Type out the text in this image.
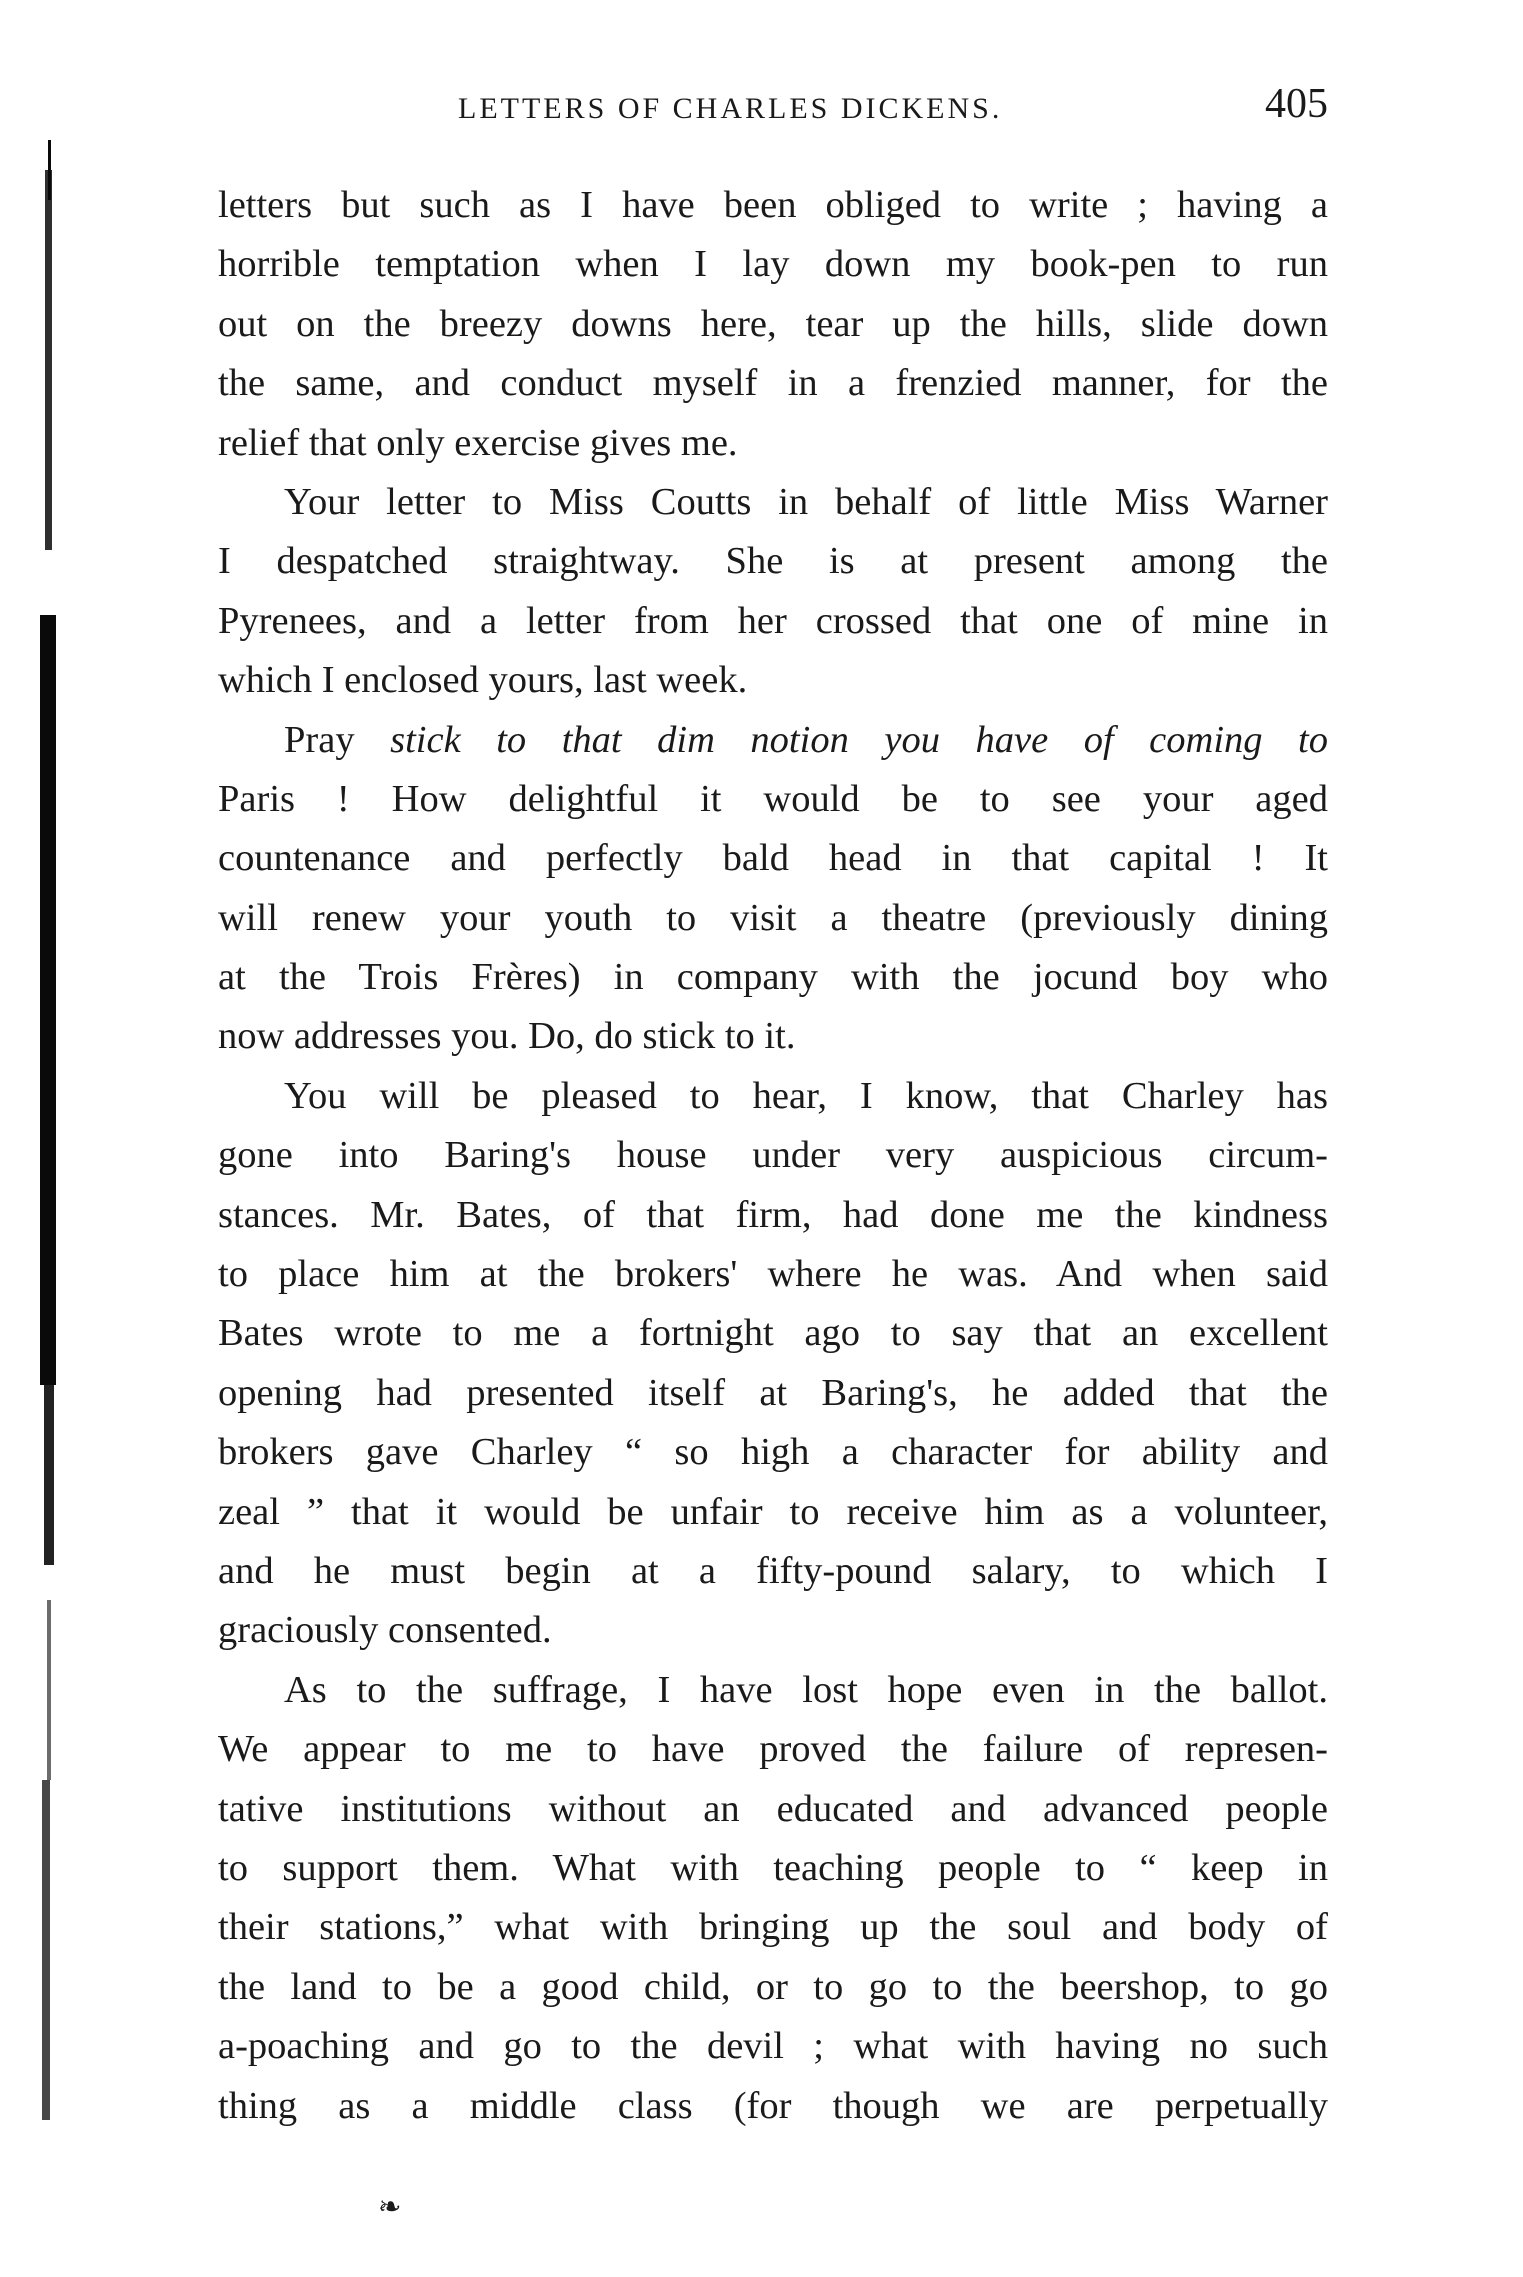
LETTERS OF CHARLES DICKENS.	405
letters but such as I have been obliged to write ; having a
horrible temptation when I lay down my book-pen to run
out on the breezy downs here, tear up the hills, slide down
the same, and conduct myself in a frenzied manner, for the
relief that only exercise gives me.
Your letter to Miss Coutts in behalf of little Miss Warner
I despatched straightway. She is at present among the
Pyrenees, and a letter from her crossed that one of mine in
which I enclosed yours, last week.
Pray stick to that dim notion you have of coming to
Paris ! How delightful it would be to see your aged
countenance and perfectly bald head in that capital ! It
will renew your youth to visit a theatre (previously dining
at the Trois Frères) in company with the jocund boy who
now addresses you. Do, do stick to it.
You will be pleased to hear, I know, that Charley has
gone into Baring's house under very auspicious circum-
stances. Mr. Bates, of that firm, had done me the kindness
to place him at the brokers' where he was. And when said
Bates wrote to me a fortnight ago to say that an excellent
opening had presented itself at Baring's, he added that the
brokers gave Charley “ so high a character for ability and
zeal ” that it would be unfair to receive him as a volunteer,
and he must begin at a fifty-pound salary, to which I
graciously consented.
As to the suffrage, I have lost hope even in the ballot.
We appear to me to have proved the failure of represen-
tative institutions without an educated and advanced people
to support them. What with teaching people to “ keep in
their stations,” what with bringing up the soul and body of
the land to be a good child, or to go to the beershop, to go
a-poaching and go to the devil ; what with having no such
thing as a middle class (for though we are perpetually
❧
